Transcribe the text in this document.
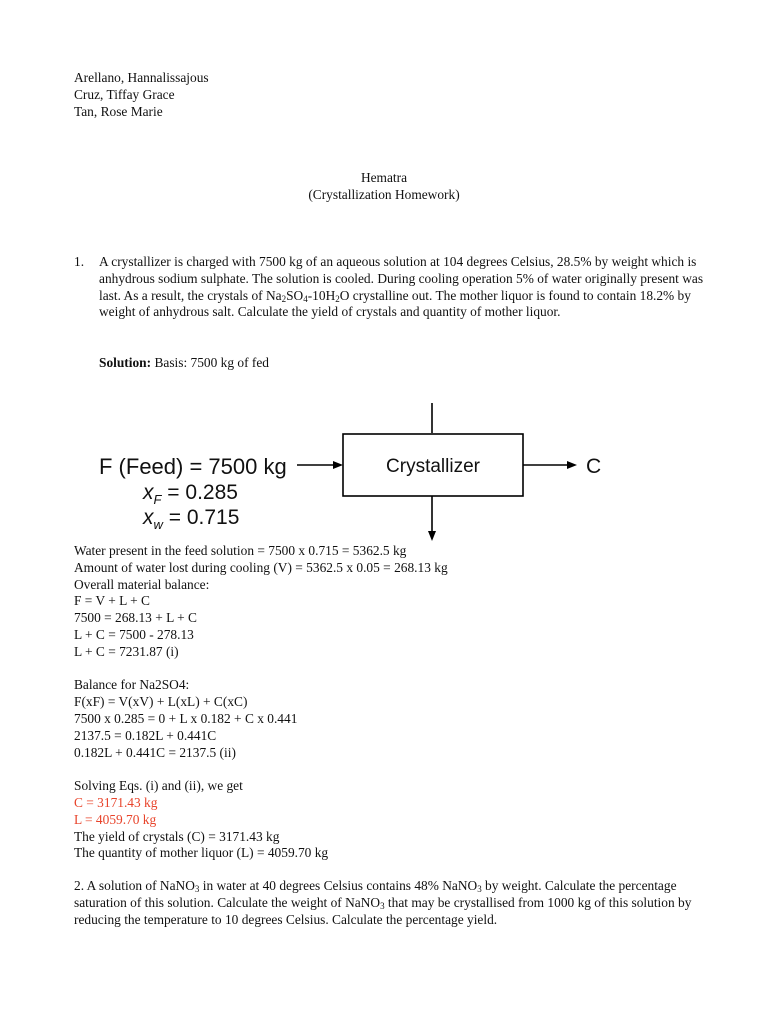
Arellano, Hannalissajous
Cruz, Tiffay Grace
Tan, Rose Marie
Hematra
(Crystallization Homework)
1. A crystallizer is charged with 7500 kg of an aqueous solution at 104 degrees Celsius, 28.5% by weight which is anhydrous sodium sulphate. The solution is cooled. During cooling operation 5% of water originally present was last. As a result, the crystals of $Na_2SO_4-10H_2O$ crystalline out. The mother liquor is found to contain 18.2% by weight of anhydrous salt. Calculate the yield of crystals and quantity of mother liquor.
Solution: Basis: 7500 kg of fed
Crystallizer	C
F (Feed) = 7500 kg
$x_F = 0.285$
$x_w = 0.715$
Water present in the feed solution = 7500 x 0.715 = 5362.5 kg
Amount of water lost during cooling (V) = 5362.5 x 0.05 = 268.13 kg
Overall material balance:
F = V + L + C
7500 = 268.13 + L + C
L + C = 7500 - 278.13
L + C = 7231.87 (i)
Balance for Na2SO4:
F(xF) = V(xV) + L(xL) + C(xC)
7500 x 0.285 = 0 + L x 0.182 + C x 0.441
2137.5 = 0.182L + 0.441C
0.182L + 0.441C = 2137.5 (ii)
Solving Eqs. (i) and (ii), we get
C = 3171.43 kg
L = 4059.70 kg
The yield of crystals (C) = 3171.43 kg
The quantity of mother liquor (L) = 4059.70 kg
2. A solution of NaNO$_3$ in water at 40 degrees Celsius contains 48% NaNO$_3$ by weight. Calculate the percentage saturation of this solution. Calculate the weight of NaNO$_3$ that may be crystallised from 1000 kg of this solution by reducing the temperature to 10 degrees Celsius. Calculate the percentage yield.
